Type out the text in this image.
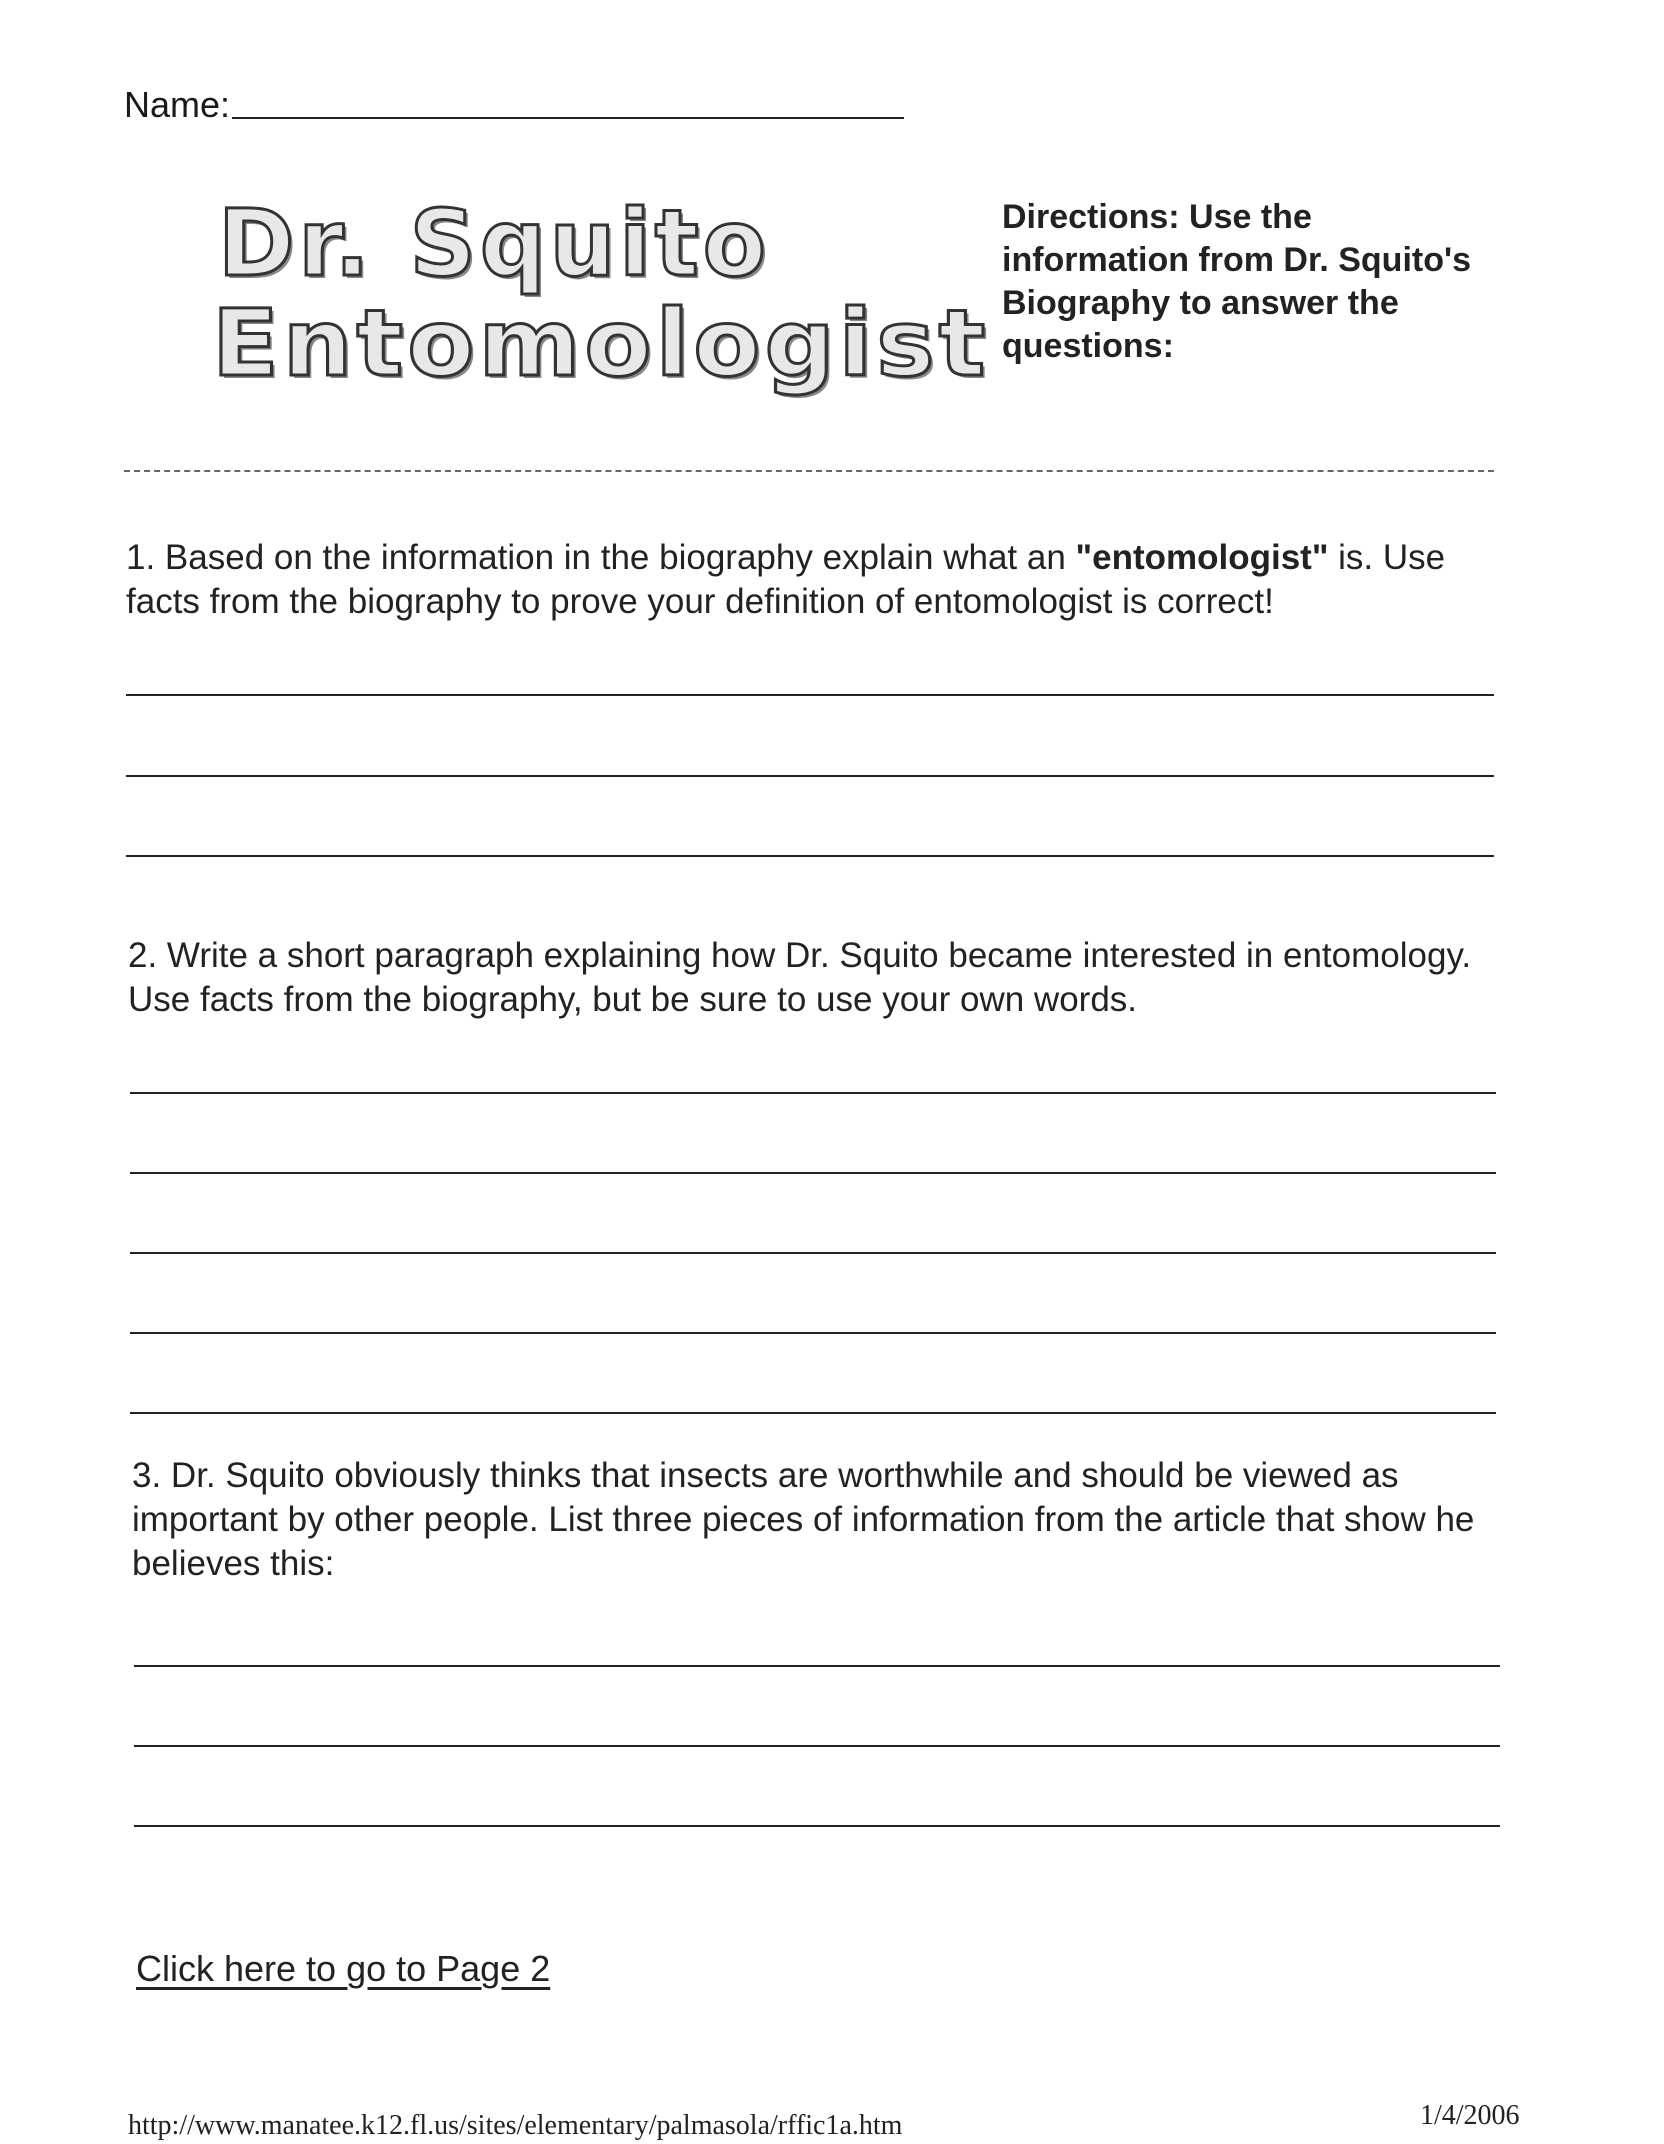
Name:
Dr. Squito
Entomologist
Directions: Use the information from Dr. Squito's Biography to answer the questions:
1. Based on the information in the biography explain what an "entomologist" is. Use facts from the biography to prove your definition of entomologist is correct!
2. Write a short paragraph explaining how Dr. Squito became interested in entomology. Use facts from the biography, but be sure to use your own words.
3. Dr. Squito obviously thinks that insects are worthwhile and should be viewed as important by other people. List three pieces of information from the article that show he believes this:
Click here to go to Page 2
http://www.manatee.k12.fl.us/sites/elementary/palmasola/rffic1a.htm	1/4/2006
